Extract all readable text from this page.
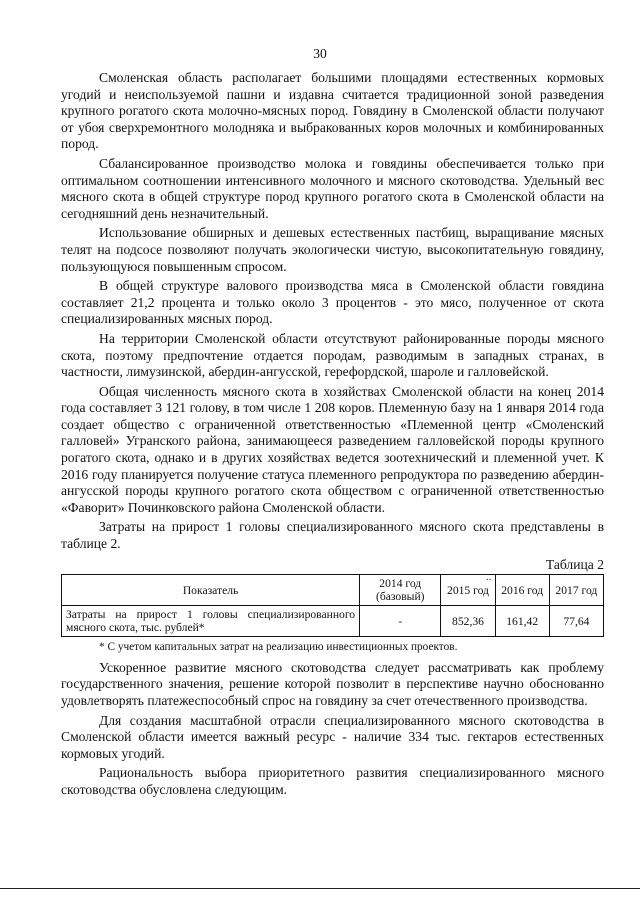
30

Смоленская область располагает большими площадями естественных кормовых угодий и неиспользуемой пашни и издавна считается традиционной зоной разведения крупного рогатого скота молочно-мясных пород. Говядину в Смоленской области получают от убоя сверхремонтного молодняка и выбракованных коров молочных и комбинированных пород.

Сбалансированное производство молока и говядины обеспечивается только при оптимальном соотношении интенсивного молочного и мясного скотоводства. Удельный вес мясного скота в общей структуре пород крупного рогатого скота в Смоленской области на сегодняшний день незначительный.

Использование обширных и дешевых естественных пастбищ, выращивание мясных телят на подсосе позволяют получать экологически чистую, высокопитательную говядину, пользующуюся повышенным спросом.

В общей структуре валового производства мяса в Смоленской области говядина составляет 21,2 процента и только около 3 процентов - это мясо, полученное от скота специализированных мясных пород.

На территории Смоленской области отсутствуют районированные породы мясного скота, поэтому предпочтение отдается породам, разводимым в западных странах, в частности, лимузинской, абердин-ангусской, герефордской, шароле и галловейской.

Общая численность мясного скота в хозяйствах Смоленской области на конец 2014 года составляет 3 121 голову, в том числе 1 208 коров. Племенную базу на 1 января 2014 года создает общество с ограниченной ответственностью «Племенной центр «Смоленский галловей» Угранского района, занимающееся разведением галловейской породы крупного рогатого скота, однако и в других хозяйствах ведется зоотехнический и племенной учет. К 2016 году планируется получение статуса племенного репродуктора по разведению абердин-ангусской породы крупного рогатого скота обществом с ограниченной ответственностью «Фаворит» Починковского района Смоленской области.

Затраты на прирост 1 головы специализированного мясного скота представлены в таблице 2.

Таблица 2
Показатель	2014 год (базовый)	2015 год	2016 год	2017 год
Затраты на прирост 1 головы специализированного мясного скота, тыс. рублей*	-	852,36	161,42	77,64
* С учетом капитальных затрат на реализацию инвестиционных проектов.

Ускоренное развитие мясного скотоводства следует рассматривать как проблему государственного значения, решение которой позволит в перспективе научно обоснованно удовлетворять платежеспособный спрос на говядину за счет отечественного производства.

Для создания масштабной отрасли специализированного мясного скотоводства в Смоленской области имеется важный ресурс - наличие 334 тыс. гектаров естественных кормовых угодий.

Рациональность выбора приоритетного развития специализированного мясного скотоводства обусловлена следующим.

..
